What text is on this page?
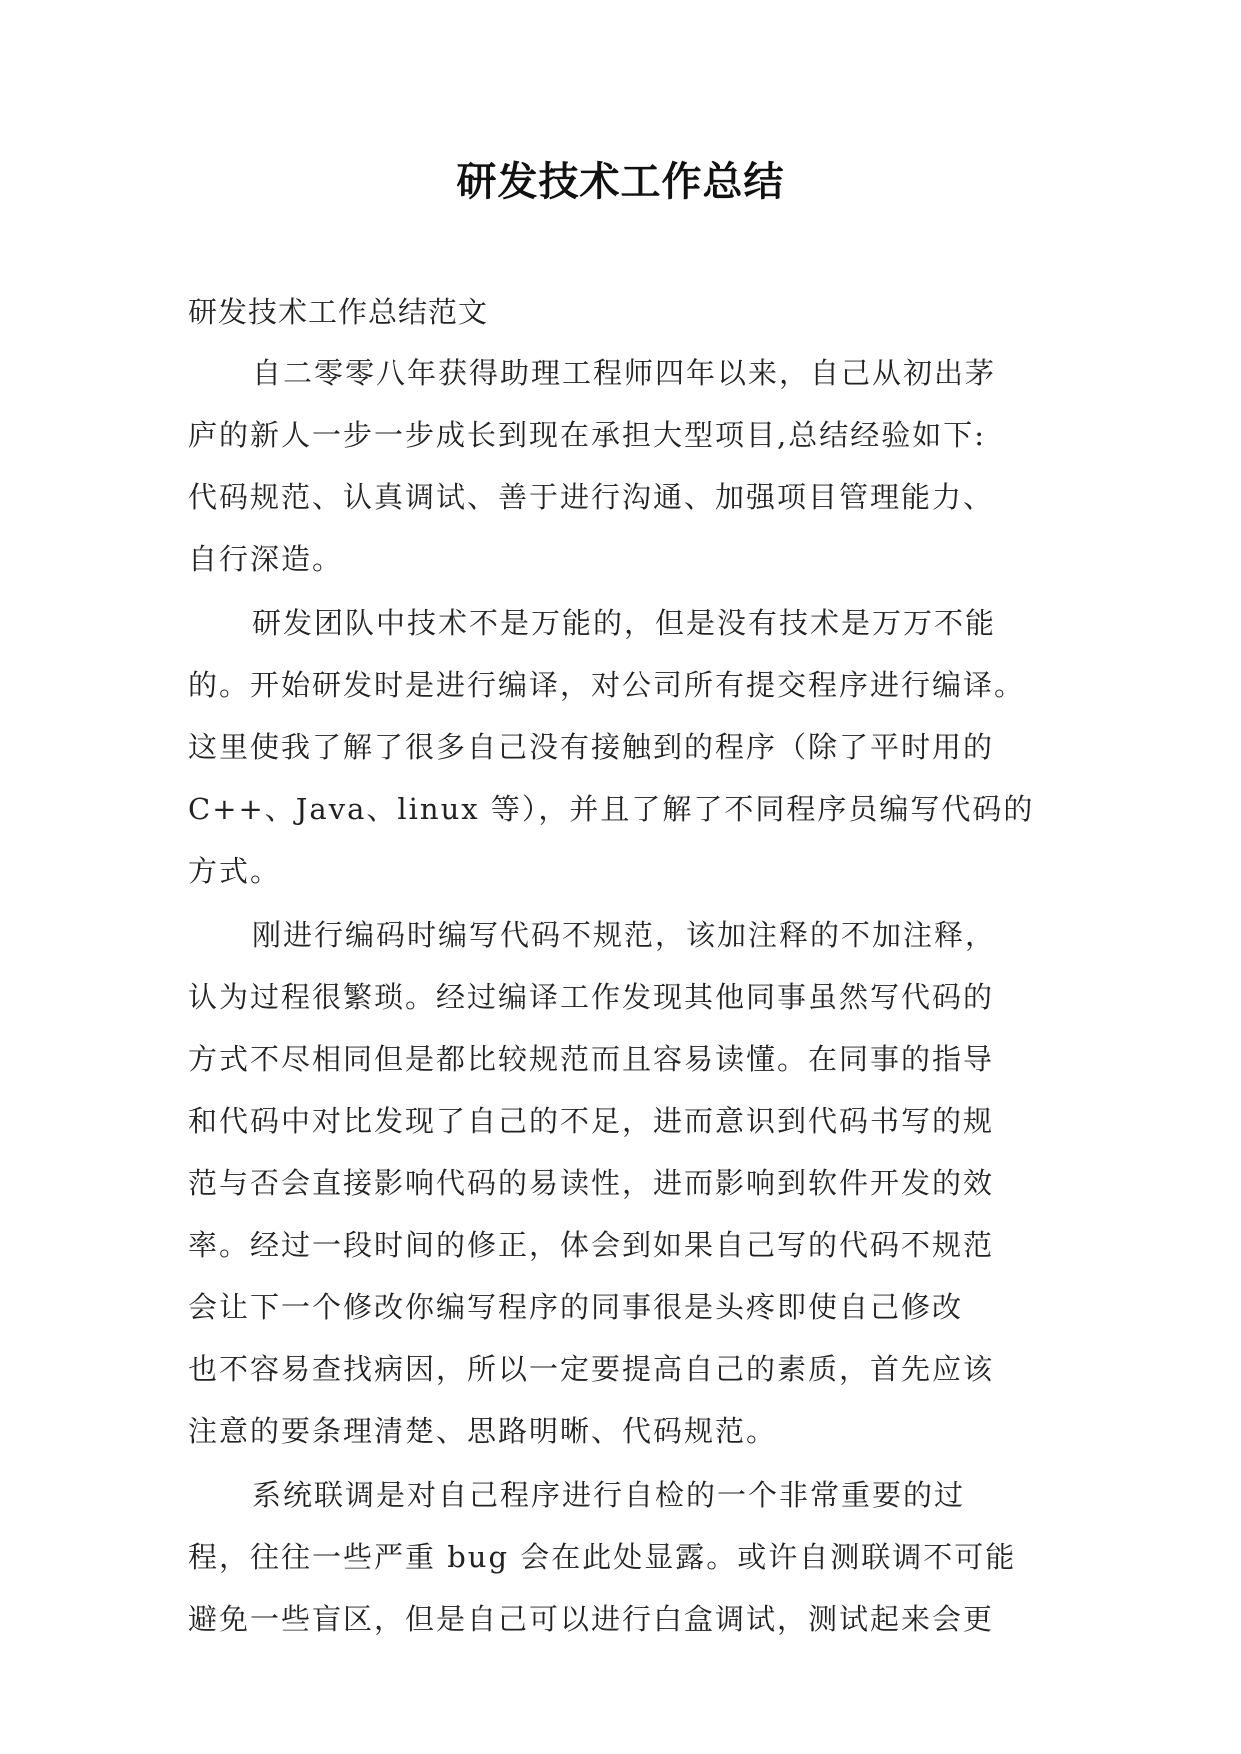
研发技术工作总结

研发技术工作总结范文

自二零零八年获得助理工程师四年以来，自己从初出茅
庐的新人一步一步成长到现在承担大型项目,总结经验如下:
代码规范、认真调试、善于进行沟通、加强项目管理能力、
自行深造。

研发团队中技术不是万能的，但是没有技术是万万不能
的。开始研发时是进行编译，对公司所有提交程序进行编译。
这里使我了解了很多自己没有接触到的程序（除了平时用的
C++、Java、linux 等），并且了解了不同程序员编写代码的
方式。

刚进行编码时编写代码不规范，该加注释的不加注释，
认为过程很繁琐。经过编译工作发现其他同事虽然写代码的
方式不尽相同但是都比较规范而且容易读懂。在同事的指导
和代码中对比发现了自己的不足，进而意识到代码书写的规
范与否会直接影响代码的易读性，进而影响到软件开发的效
率。经过一段时间的修正，体会到如果自己写的代码不规范
会让下一个修改你编写程序的同事很是头疼即使自己修改
也不容易查找病因，所以一定要提高自己的素质，首先应该
注意的要条理清楚、思路明晰、代码规范。

系统联调是对自己程序进行自检的一个非常重要的过
程，往往一些严重 bug 会在此处显露。或许自测联调不可能
避免一些盲区，但是自己可以进行白盒调试，测试起来会更
